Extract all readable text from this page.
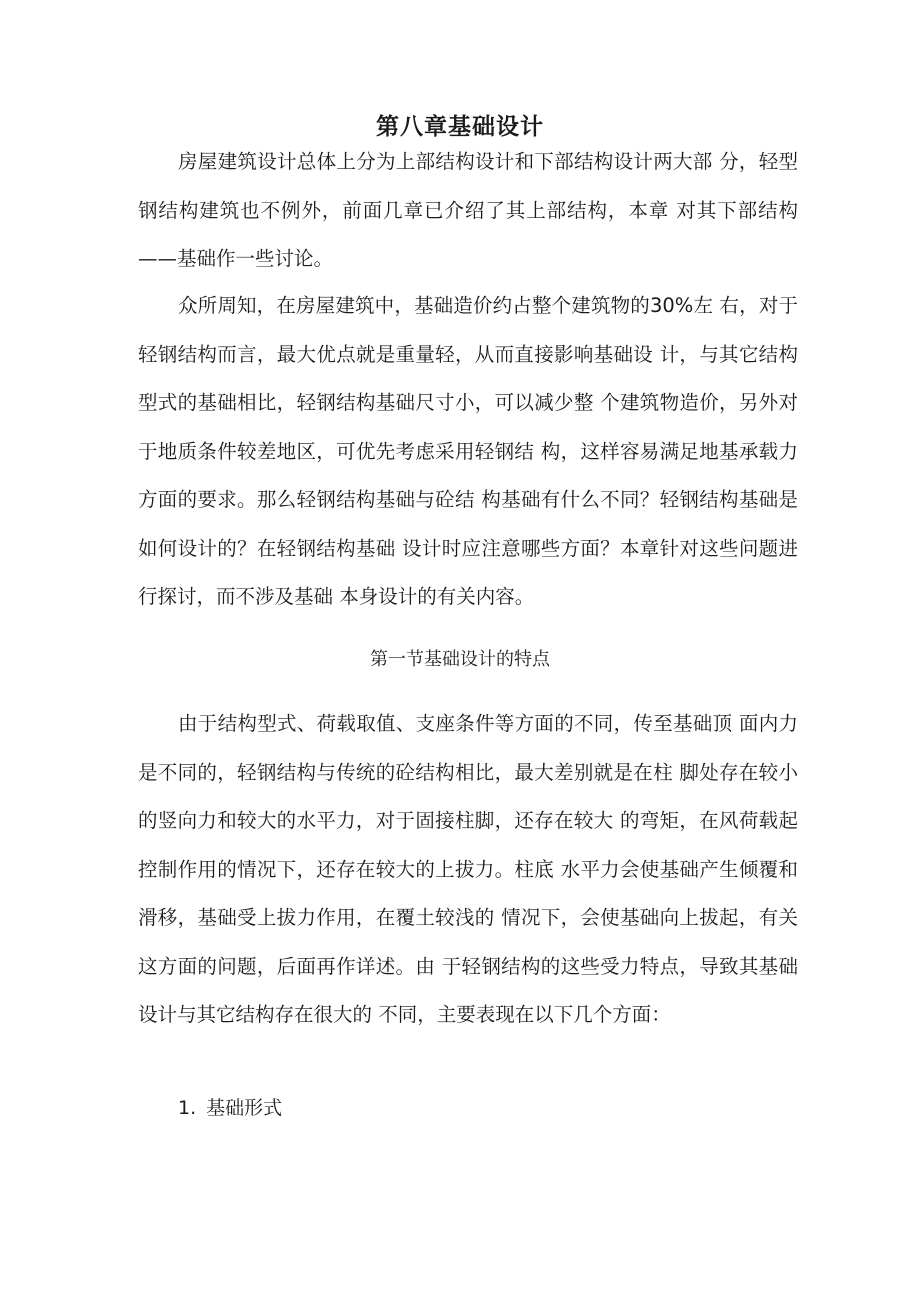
第八章基础设计

房屋建筑设计总体上分为上部结构设计和下部结构设计两大部 分，轻型钢结构建筑也不例外，前面几章已介绍了其上部结构，本章 对其下部结构——基础作一些讨论。

众所周知，在房屋建筑中，基础造价约占整个建筑物的30%左 右，对于轻钢结构而言，最大优点就是重量轻，从而直接影响基础设 计，与其它结构型式的基础相比，轻钢结构基础尺寸小，可以减少整 个建筑物造价，另外对于地质条件较差地区，可优先考虑采用轻钢结 构，这样容易满足地基承载力方面的要求。那么轻钢结构基础与砼结 构基础有什么不同？轻钢结构基础是如何设计的？在轻钢结构基础 设计时应注意哪些方面？本章针对这些问题进行探讨，而不涉及基础 本身设计的有关内容。

第一节基础设计的特点

由于结构型式、荷载取值、支座条件等方面的不同，传至基础顶 面内力是不同的，轻钢结构与传统的砼结构相比，最大差别就是在柱 脚处存在较小的竖向力和较大的水平力，对于固接柱脚，还存在较大 的弯矩，在风荷载起控制作用的情况下，还存在较大的上拔力。柱底 水平力会使基础产生倾覆和滑移，基础受上拔力作用，在覆土较浅的 情况下，会使基础向上拔起，有关这方面的问题，后面再作详述。由 于轻钢结构的这些受力特点，导致其基础设计与其它结构存在很大的 不同，主要表现在以下几个方面：

1. 基础形式
